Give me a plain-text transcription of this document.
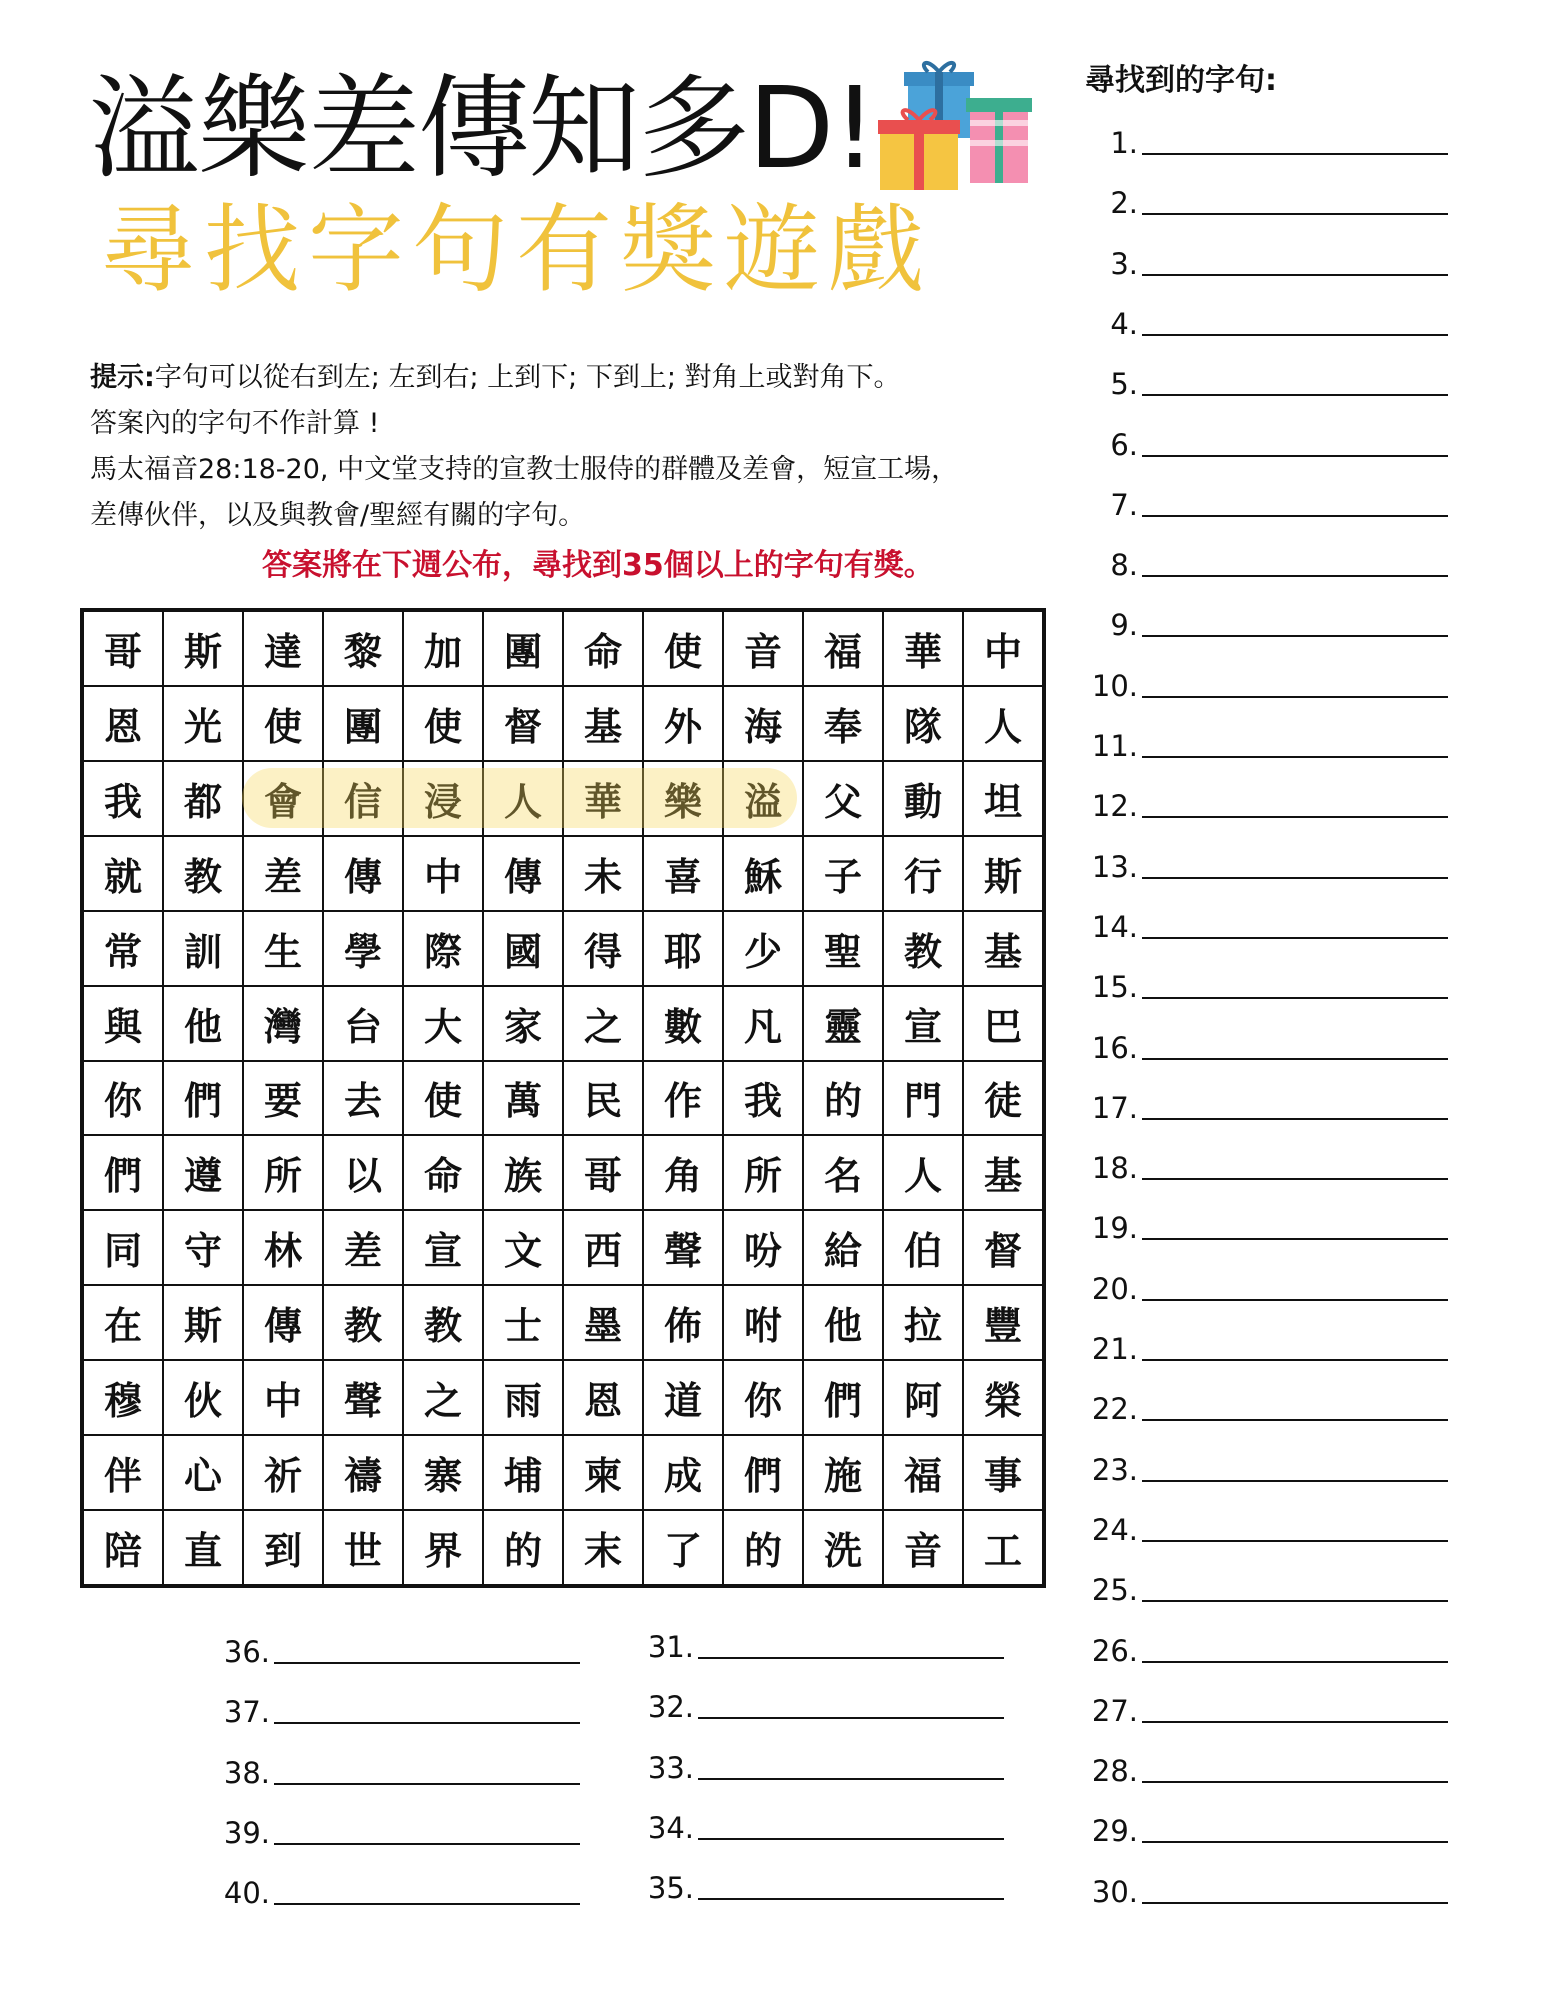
溢樂差傳知多D!
尋找字句有獎遊戲

提示:字句可以從右到左; 左到右; 上到下; 下到上; 對角上或對角下。

答案內的字句不作計算 !

馬太福音28:18-20, 中文堂支持的宣教士服侍的群體及差會，短宣工場，

差傳伙伴，以及與教會/聖經有關的字句。

答案將在下週公布，尋找到35個以上的字句有獎。
哥	斯	達	黎	加	團	命	使	音	福	華	中
恩	光	使	團	使	督	基	外	海	奉	隊	人
我	都	會	信	浸	人	華	樂	溢	父	動	坦
就	教	差	傳	中	傳	未	喜	穌	子	行	斯
常	訓	生	學	際	國	得	耶	少	聖	教	基
與	他	灣	台	大	家	之	數	凡	靈	宣	巴
你	們	要	去	使	萬	民	作	我	的	門	徒
們	遵	所	以	命	族	哥	角	所	名	人	基
同	守	林	差	宣	文	西	聲	吩	給	伯	督
在	斯	傳	教	教	士	墨	佈	咐	他	拉	豐
穆	伙	中	聲	之	雨	恩	道	你	們	阿	榮
伴	心	祈	禱	寨	埔	柬	成	們	施	福	事
陪	直	到	世	界	的	末	了	的	洗	音	工
尋找到的字句:
1.
2.
3.
4.
5.
6.
7.
8.
9.
10.
11.
12.
13.
14.
15.
16.
17.
18.
19.
20.
21.
22.
23.
24.
25.
26.
27.
28.
29.
30.
31.
32.
33.
34.
35.
36.
37.
38.
39.
40.
